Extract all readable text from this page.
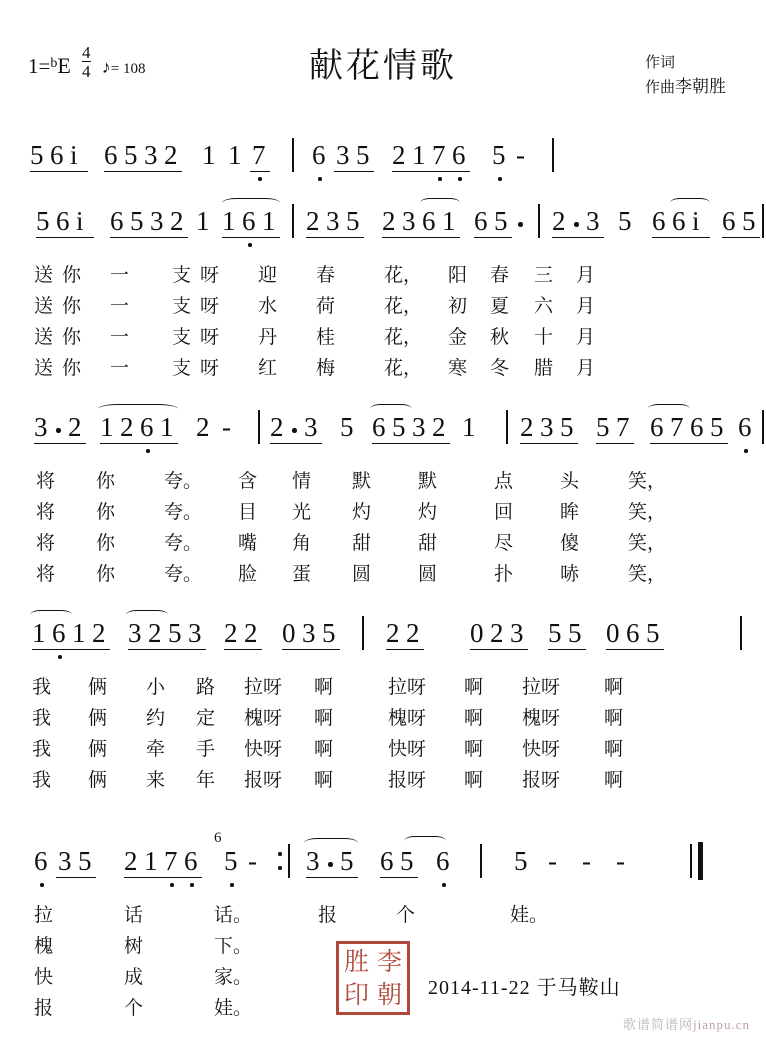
$1=^bE \frac{4}{4}$ ♪= 108	献花情歌	作词
作曲李朝胜
5 6 i 6 5 3 2 1 1 7 6 3 5 2 1 7 6 5 -
5 6 i 6 5 3 2 1 1 6 1 2 3 5 2 3 6 1 6 5 2 3 5 6 6 i 6 5
送 你 一 支 呀 迎 春	花， 阳 春 三 月
送 你 一 支 呀 水 荷	花， 初 夏 六 月
送 你 一 支 呀 丹 桂	花， 金 秋 十 月
送 你 一 支 呀 红 梅	花， 寒 冬 腊 月
3 2 1 2 6 1 2 - 2 3 5 6 5 3 2 1 2 3 5 5 7 6 7 6 5 6
将 你	夸。 含 情 默 默	点 头	笑，
将 你	夸。 目 光 灼 灼	回 眸	笑，
将 你	夸。 嘴 角 甜 甜	尽 傻	笑，
将 你	夸。 脸 蛋 圆 圆	扑 哧	笑，
1 6 1 2 3 2 5 3 2 2 0 3 5 2 2 0 2 3 5 5 0 6 5
我 俩 小 路 拉呀 啊	拉呀 啊 拉呀 啊
我 俩 约 定 槐呀 啊	槐呀 啊 槐呀 啊
我 俩 牵 手 快呀 啊	快呀 啊 快呀 啊
我 俩 来 年 报呀 啊	报呀 啊 报呀 啊
6 3 5 2 1 7 6
6
5 - 3 5 6 5 6 5 - - -
拉	话	话。	报	个	娃。
槐	树	下。
快	成	家。
报	个	娃。
胜 李
印 朝	2014-11-22 于马鞍山
歌谱简谱网jianpu.cn
